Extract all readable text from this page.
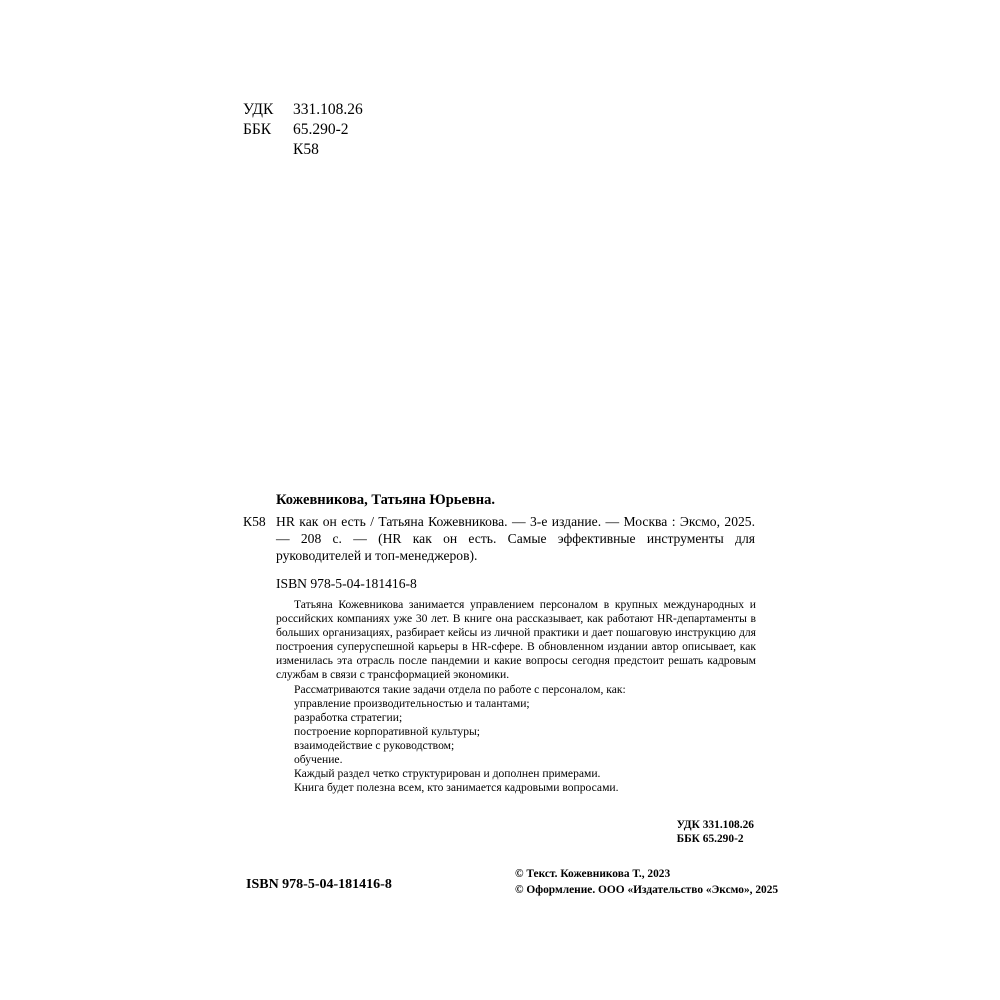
УДК	331.108.26
ББК	65.290-2
К58
Кожевникова, Татьяна Юрьевна.
К58 HR как он есть / Татьяна Кожевникова. — 3-е издание. — Москва : Эксмо, 2025. — 208 с. — (HR как он есть. Самые эффективные инструменты для руководителей и топ-менеджеров).
ISBN 978-5-04-181416-8

Татьяна Кожевникова занимается управлением персоналом в крупных международных и российских компаниях уже 30 лет. В книге она рассказывает, как работают HR-департаменты в больших организациях, разбирает кейсы из личной практики и дает пошаговую инструкцию для построения суперуспешной карьеры в HR-сфере. В обновленном издании автор описывает, как изменилась эта отрасль после пандемии и какие вопросы сегодня предстоит решать кадровым службам в связи с трансформацией экономики.

Рассматриваются такие задачи отдела по работе с персоналом, как:

управление производительностью и талантами;
разработка стратегии;
построение корпоративной культуры;
взаимодействие с руководством;
обучение.

Каждый раздел четко структурирован и дополнен примерами.

Книга будет полезна всем, кто занимается кадровыми вопросами.

УДК 331.108.26
ББК 65.290-2
© Текст. Кожевникова Т., 2023
© Оформление. ООО «Издательство «Эксмо», 2025
ISBN 978-5-04-181416-8
